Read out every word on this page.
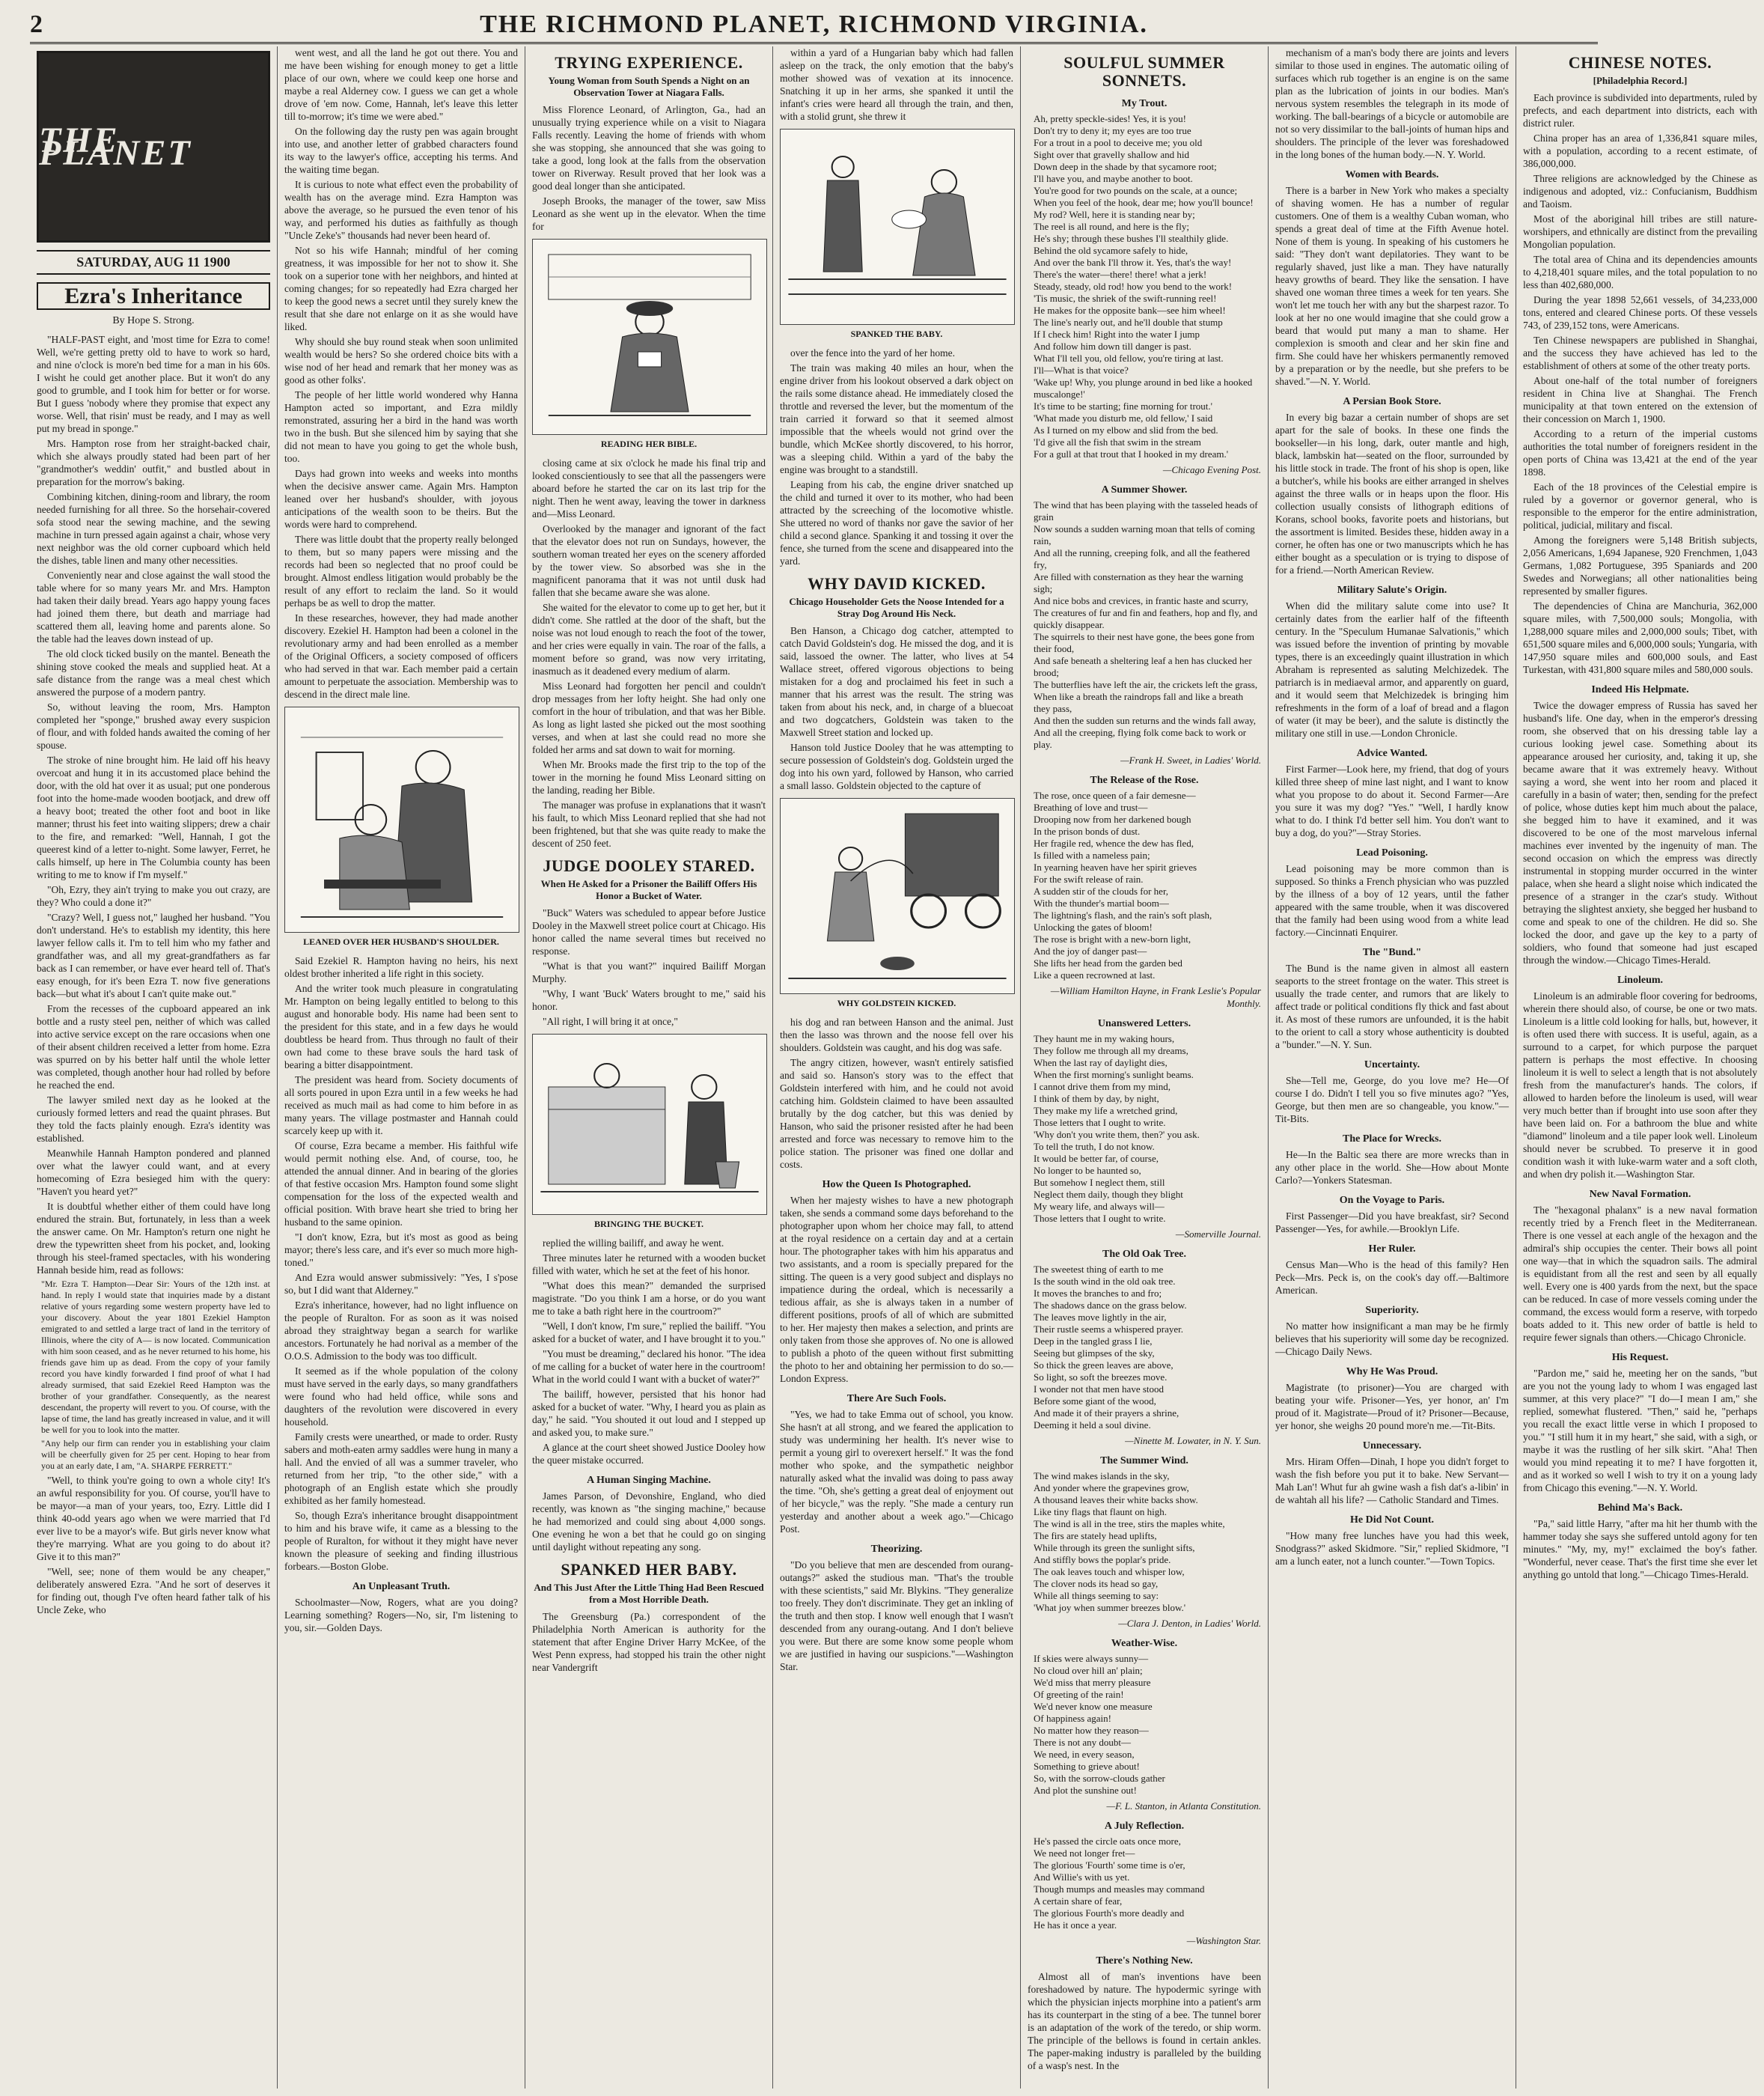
2	THE RICHMOND PLANET, RICHMOND VIRGINIA.
THE PLANET
SATURDAY, AUG 11 1900
Ezra's Inheritance
By Hope S. Strong.

"HALF-PAST eight, and 'most time for Ezra to come! Well, we're getting pretty old to have to work so hard, and nine o'clock is more'n bed time for a man in his 60s. I wisht he could get another place. But it won't do any good to grumble, and I took him for better or for worse. But I guess 'nobody where they promise that expect any worse. Well, that risin' must be ready, and I may as well put my bread in sponge."

Mrs. Hampton rose from her straight-backed chair, which she always proudly stated had been part of her "grandmother's weddin' outfit," and bustled about in preparation for the morrow's baking.

Combining kitchen, dining-room and library, the room needed furnishing for all three. So the horsehair-covered sofa stood near the sewing machine, and the sewing machine in turn pressed again against a chair, whose very next neighbor was the old corner cupboard which held the dishes, table linen and many other necessities.

Conveniently near and close against the wall stood the table where for so many years Mr. and Mrs. Hampton had taken their daily bread. Years ago happy young faces had joined them there, but death and marriage had scattered them all, leaving home and parents alone. So the table had the leaves down instead of up.

The old clock ticked busily on the mantel. Beneath the shining stove cooked the meals and supplied heat. At a safe distance from the range was a meal chest which answered the purpose of a modern pantry.

So, without leaving the room, Mrs. Hampton completed her "sponge," brushed away every suspicion of flour, and with folded hands awaited the coming of her spouse.

The stroke of nine brought him. He laid off his heavy overcoat and hung it in its accustomed place behind the door, with the old hat over it as usual; put one ponderous foot into the home-made wooden bootjack, and drew off a heavy boot; treated the other foot and boot in like manner; thrust his feet into waiting slippers; drew a chair to the fire, and remarked: "Well, Hannah, I got the queerest kind of a letter to-night. Some lawyer, Ferret, he calls himself, up here in The Columbia county has been writing to me to know if I'm myself."

"Oh, Ezry, they ain't trying to make you out crazy, are they? Who could a done it?"

"Crazy? Well, I guess not," laughed her husband. "You don't understand. He's to establish my identity, this here lawyer fellow calls it. I'm to tell him who my father and grandfather was, and all my great-grandfathers as far back as I can remember, or have ever heard tell of. That's easy enough, for it's been Ezra T. now five generations back—but what it's about I can't quite make out."

From the recesses of the cupboard appeared an ink bottle and a rusty steel pen, neither of which was called into active service except on the rare occasions when one of their absent children received a letter from home. Ezra was spurred on by his better half until the whole letter was completed, though another hour had rolled by before he reached the end.

The lawyer smiled next day as he looked at the curiously formed letters and read the quaint phrases. But they told the facts plainly enough. Ezra's identity was established.

Meanwhile Hannah Hampton pondered and planned over what the lawyer could want, and at every homecoming of Ezra besieged him with the query: "Haven't you heard yet?"

It is doubtful whether either of them could have long endured the strain. But, fortunately, in less than a week the answer came. On Mr. Hampton's return one night he drew the typewritten sheet from his pocket, and, looking through his steel-framed spectacles, with his wondering Hannah beside him, read as follows:

"Mr. Ezra T. Hampton—Dear Sir: Yours of the 12th inst. at hand. In reply I would state that inquiries made by a distant relative of yours regarding some western property have led to your discovery. About the year 1801 Ezekiel Hampton emigrated to and settled a large tract of land in the territory of Illinois, where the city of A— is now located. Communication with him soon ceased, and as he never returned to his home, his friends gave him up as dead. From the copy of your family record you have kindly forwarded I find proof of what I had already surmised, that said Ezekiel Reed Hampton was the brother of your grandfather. Consequently, as the nearest descendant, the property will revert to you. Of course, with the lapse of time, the land has greatly increased in value, and it will be well for you to look into the matter.

"Any help our firm can render you in establishing your claim will be cheerfully given for 25 per cent. Hoping to hear from you at an early date, I am, "A. SHARPE FERRETT."

"Well, to think you're going to own a whole city! It's an awful responsibility for you. Of course, you'll have to be mayor—a man of your years, too, Ezry. Little did I think 40-odd years ago when we were married that I'd ever live to be a mayor's wife. But girls never know what they're marrying. What are you going to do about it? Give it to this man?"

"Well, see; none of them would be any cheaper," deliberately answered Ezra. "And he sort of deserves it for finding out, though I've often heard father talk of his Uncle Zeke, who

went west, and all the land he got out there. You and me have been wishing for enough money to get a little place of our own, where we could keep one horse and maybe a real Alderney cow. I guess we can get a whole drove of 'em now. Come, Hannah, let's leave this letter till to-morrow; it's time we were abed."

On the following day the rusty pen was again brought into use, and another letter of grabbed characters found its way to the lawyer's office, accepting his terms. And the waiting time began.

It is curious to note what effect even the probability of wealth has on the average mind. Ezra Hampton was above the average, so he pursued the even tenor of his way, and performed his duties as faithfully as though "Uncle Zeke's" thousands had never been heard of.

Not so his wife Hannah; mindful of her coming greatness, it was impossible for her not to show it. She took on a superior tone with her neighbors, and hinted at coming changes; for so repeatedly had Ezra charged her to keep the good news a secret until they surely knew the result that she dare not enlarge on it as she would have liked.

Why should she buy round steak when soon unlimited wealth would be hers? So she ordered choice bits with a wise nod of her head and remark that her money was as good as other folks'.

The people of her little world wondered why Hanna Hampton acted so important, and Ezra mildly remonstrated, assuring her a bird in the hand was worth two in the bush. But she silenced him by saying that she did not mean to have you going to get the whole bush, too.

Days had grown into weeks and weeks into months when the decisive answer came. Again Mrs. Hampton leaned over her husband's shoulder, with joyous anticipations of the wealth soon to be theirs. But the words were hard to comprehend.

There was little doubt that the property really belonged to them, but so many papers were missing and the records had been so neglected that no proof could be brought. Almost endless litigation would probably be the result of any effort to reclaim the land. So it would perhaps be as well to drop the matter.

In these researches, however, they had made another discovery. Ezekiel H. Hampton had been a colonel in the revolutionary army and had been enrolled as a member of the Original Officers, a society composed of officers who had served in that war. Each member paid a certain amount to perpetuate the association. Membership was to descend in the direct male line.

LEANED OVER HER HUSBAND'S SHOULDER.

Said Ezekiel R. Hampton having no heirs, his next oldest brother inherited a life right in this society.

And the writer took much pleasure in congratulating Mr. Hampton on being legally entitled to belong to this august and honorable body. His name had been sent to the president for this state, and in a few days he would doubtless be heard from. Thus through no fault of their own had come to these brave souls the hard task of bearing a bitter disappointment.

The president was heard from. Society documents of all sorts poured in upon Ezra until in a few weeks he had received as much mail as had come to him before in as many years. The village postmaster and Hannah could scarcely keep up with it.

Of course, Ezra became a member. His faithful wife would permit nothing else. And, of course, too, he attended the annual dinner. And in bearing of the glories of that festive occasion Mrs. Hampton found some slight compensation for the loss of the expected wealth and official position. With brave heart she tried to bring her husband to the same opinion.

"I don't know, Ezra, but it's most as good as being mayor; there's less care, and it's ever so much more high-toned."

And Ezra would answer submissively: "Yes, I s'pose so, but I did want that Alderney."

Ezra's inheritance, however, had no light influence on the people of Ruralton. For as soon as it was noised abroad they straightway began a search for warlike ancestors. Fortunately he had norival as a member of the O.O.S. Admission to the body was too difficult.

It seemed as if the whole population of the colony must have served in the early days, so many grandfathers were found who had held office, while sons and daughters of the revolution were discovered in every household.

Family crests were unearthed, or made to order. Rusty sabers and moth-eaten army saddles were hung in many a hall. And the envied of all was a summer traveler, who returned from her trip, "to the other side," with a photograph of an English estate which she proudly exhibited as her family homestead.

So, though Ezra's inheritance brought disappointment to him and his brave wife, it came as a blessing to the people of Ruralton, for without it they might have never known the pleasure of seeking and finding illustrious forbears.—Boston Globe.

An Unpleasant Truth.

Schoolmaster—Now, Rogers, what are you doing? Learning something? Rogers—No, sir, I'm listening to you, sir.—Golden Days.

TRYING EXPERIENCE.
Young Woman from South Spends a Night on an Observation Tower at Niagara Falls.

Miss Florence Leonard, of Arlington, Ga., had an unusually trying experience while on a visit to Niagara Falls recently. Leaving the home of friends with whom she was stopping, she announced that she was going to take a good, long look at the falls from the observation tower on Riverway. Result proved that her look was a good deal longer than she anticipated.

Joseph Brooks, the manager of the tower, saw Miss Leonard as she went up in the elevator. When the time for

READING HER BIBLE.

closing came at six o'clock he made his final trip and looked conscientiously to see that all the passengers were aboard before he started the car on its last trip for the night. Then he went away, leaving the tower in darkness and—Miss Leonard.

Overlooked by the manager and ignorant of the fact that the elevator does not run on Sundays, however, the southern woman treated her eyes on the scenery afforded by the tower view. So absorbed was she in the magnificent panorama that it was not until dusk had fallen that she became aware she was alone.

She waited for the elevator to come up to get her, but it didn't come. She rattled at the door of the shaft, but the noise was not loud enough to reach the foot of the tower, and her cries were equally in vain. The roar of the falls, a moment before so grand, was now very irritating, inasmuch as it deadened every medium of alarm.

Miss Leonard had forgotten her pencil and couldn't drop messages from her lofty height. She had only one comfort in the hour of tribulation, and that was her Bible. As long as light lasted she picked out the most soothing verses, and when at last she could read no more she folded her arms and sat down to wait for morning.

When Mr. Brooks made the first trip to the top of the tower in the morning he found Miss Leonard sitting on the landing, reading her Bible.

The manager was profuse in explanations that it wasn't his fault, to which Miss Leonard replied that she had not been frightened, but that she was quite ready to make the descent of 250 feet.

JUDGE DOOLEY STARED.
When He Asked for a Prisoner the Bailiff Offers His Honor a Bucket of Water.

"Buck" Waters was scheduled to appear before Justice Dooley in the Maxwell street police court at Chicago. His honor called the name several times but received no response.

"What is that you want?" inquired Bailiff Morgan Murphy.

"Why, I want 'Buck' Waters brought to me," said his honor.

"All right, I will bring it at once,"

BRINGING THE BUCKET.

replied the willing bailiff, and away he went.

Three minutes later he returned with a wooden bucket filled with water, which he set at the feet of his honor.

"What does this mean?" demanded the surprised magistrate. "Do you think I am a horse, or do you want me to take a bath right here in the courtroom?"

"Well, I don't know, I'm sure," replied the bailiff. "You asked for a bucket of water, and I have brought it to you."

"You must be dreaming," declared his honor. "The idea of me calling for a bucket of water here in the courtroom! What in the world could I want with a bucket of water?"

The bailiff, however, persisted that his honor had asked for a bucket of water. "Why, I heard you as plain as day," he said. "You shouted it out loud and I stepped up and asked you, to make sure."

A glance at the court sheet showed Justice Dooley how the queer mistake occurred.

A Human Singing Machine.

James Parson, of Devonshire, England, who died recently, was known as "the singing machine," because he had memorized and could sing about 4,000 songs. One evening he won a bet that he could go on singing until daylight without repeating any song.

SPANKED HER BABY.
And This Just After the Little Thing Had Been Rescued from a Most Horrible Death.

The Greensburg (Pa.) correspondent of the Philadelphia North American is authority for the statement that after Engine Driver Harry McKee, of the West Penn express, had stopped his train the other night near Vandergrift

within a yard of a Hungarian baby which had fallen asleep on the track, the only emotion that the baby's mother showed was of vexation at its innocence. Snatching it up in her arms, she spanked it until the infant's cries were heard all through the train, and then, with a stolid grunt, she threw it

SPANKED THE BABY.

over the fence into the yard of her home.

The train was making 40 miles an hour, when the engine driver from his lookout observed a dark object on the rails some distance ahead. He immediately closed the throttle and reversed the lever, but the momentum of the train carried it forward so that it seemed almost impossible that the wheels would not grind over the bundle, which McKee shortly discovered, to his horror, was a sleeping child. Within a yard of the baby the engine was brought to a standstill.

Leaping from his cab, the engine driver snatched up the child and turned it over to its mother, who had been attracted by the screeching of the locomotive whistle. She uttered no word of thanks nor gave the savior of her child a second glance. Spanking it and tossing it over the fence, she turned from the scene and disappeared into the yard.

WHY DAVID KICKED.
Chicago Householder Gets the Noose Intended for a Stray Dog Around His Neck.

Ben Hanson, a Chicago dog catcher, attempted to catch David Goldstein's dog. He missed the dog, and it is said, lassoed the owner. The latter, who lives at 54 Wallace street, offered vigorous objections to being mistaken for a dog and proclaimed his feet in such a manner that his arrest was the result. The string was taken from about his neck, and, in charge of a bluecoat and two dogcatchers, Goldstein was taken to the Maxwell Street station and locked up.

Hanson told Justice Dooley that he was attempting to secure possession of Goldstein's dog. Goldstein urged the dog into his own yard, followed by Hanson, who carried a small lasso. Goldstein objected to the capture of

WHY GOLDSTEIN KICKED.

his dog and ran between Hanson and the animal. Just then the lasso was thrown and the noose fell over his shoulders. Goldstein was caught, and his dog was safe.

The angry citizen, however, wasn't entirely satisfied and said so. Hanson's story was to the effect that Goldstein interfered with him, and he could not avoid catching him. Goldstein claimed to have been assaulted brutally by the dog catcher, but this was denied by Hanson, who said the prisoner resisted after he had been arrested and force was necessary to remove him to the police station. The prisoner was fined one dollar and costs.

How the Queen Is Photographed.

When her majesty wishes to have a new photograph taken, she sends a command some days beforehand to the photographer upon whom her choice may fall, to attend at the royal residence on a certain day and at a certain hour. The photographer takes with him his apparatus and two assistants, and a room is specially prepared for the sitting. The queen is a very good subject and displays no impatience during the ordeal, which is necessarily a tedious affair, as she is always taken in a number of different positions, proofs of all of which are submitted to her. Her majesty then makes a selection, and prints are only taken from those she approves of. No one is allowed to publish a photo of the queen without first submitting the photo to her and obtaining her permission to do so.—London Express.

There Are Such Fools.

"Yes, we had to take Emma out of school, you know. She hasn't at all strong, and we feared the application to study was undermining her health. It's never wise to permit a young girl to overexert herself." It was the fond mother who spoke, and the sympathetic neighbor naturally asked what the invalid was doing to pass away the time. "Oh, she's getting a great deal of enjoyment out of her bicycle," was the reply. "She made a century run yesterday and another about a week ago."—Chicago Post.

Theorizing.

"Do you believe that men are descended from ourang-outangs?" asked the studious man. "That's the trouble with these scientists," said Mr. Blykins. "They generalize too freely. They don't discriminate. They get an inkling of the truth and then stop. I know well enough that I wasn't descended from any ourang-outang. And I don't believe you were. But there are some know some people whom we are justified in having our suspicions."—Washington Star.

SOULFUL SUMMER SONNETS.
My Trout.
Ah, pretty speckle-sides! Yes, it is you!
Don't try to deny it; my eyes are too true
For a trout in a pool to deceive me; you old
Sight over that gravelly shallow and hid
Down deep in the shade by that sycamore root;
I'll have you, and maybe another to boot.
You're good for two pounds on the scale, at a ounce;
When you feel of the hook, dear me; how you'll bounce!
My rod? Well, here it is standing near by;
The reel is all round, and here is the fly;
He's shy; through these bushes I'll stealthily glide.
Behind the old sycamore safely to hide,
And over the bank I'll throw it. Yes, that's the way!
There's the water—there! there! what a jerk!
Steady, steady, old rod! how you bend to the work!
'Tis music, the shriek of the swift-running reel!
He makes for the opposite bank—see him wheel!
The line's nearly out, and he'll double that stump
If I check him! Right into the water I jump
And follow him down till danger is past.
What I'll tell you, old fellow, you're tiring at last.
I'll—What is that voice?
'Wake up! Why, you plunge around in bed like a hooked muscalonge!'
It's time to be starting; fine morning for trout.'
'What made you disturb me, old fellow,' I said
As I turned on my elbow and slid from the bed.
'I'd give all the fish that swim in the stream
For a gull at that trout that I hooked in my dream.'
—Chicago Evening Post.
A Summer Shower.
The wind that has been playing with the tasseled heads of grain
Now sounds a sudden warning moan that tells of coming rain,
And all the running, creeping folk, and all the feathered fry,
Are filled with consternation as they hear the warning sigh;
And nice bobs and crevices, in frantic haste and scurry,
The creatures of fur and fin and feathers, hop and fly, and quickly disappear.
The squirrels to their nest have gone, the bees gone from their food,
And safe beneath a sheltering leaf a hen has clucked her brood;
The butterflies have left the air, the crickets left the grass,
When like a breath the raindrops fall and like a breath they pass,
And then the sudden sun returns and the winds fall away,
And all the creeping, flying folk come back to work or play.
—Frank H. Sweet, in Ladies' World.
The Release of the Rose.
The rose, once queen of a fair demesne—
Breathing of love and trust—
Drooping now from her darkened bough
In the prison bonds of dust.
Her fragile red, whence the dew has fled,
Is filled with a nameless pain;
In yearning heaven have her spirit grieves
For the swift release of rain.
A sudden stir of the clouds for her,
With the thunder's martial boom—
The lightning's flash, and the rain's soft plash,
Unlocking the gates of bloom!
The rose is bright with a new-born light,
And the joy of danger past—
She lifts her head from the garden bed
Like a queen recrowned at last.
—William Hamilton Hayne, in Frank Leslie's Popular Monthly.
Unanswered Letters.
They haunt me in my waking hours,
They follow me through all my dreams,
When the last ray of daylight dies,
When the first morning's sunlight beams.
I cannot drive them from my mind,
I think of them by day, by night,
They make my life a wretched grind,
Those letters that I ought to write.
'Why don't you write them, then?' you ask.
To tell the truth, I do not know.
It would be better far, of course,
No longer to be haunted so,
But somehow I neglect them, still
Neglect them daily, though they blight
My weary life, and always will—
Those letters that I ought to write.
—Somerville Journal.
The Old Oak Tree.
The sweetest thing of earth to me
Is the south wind in the old oak tree.
It moves the branches to and fro;
The shadows dance on the grass below.
The leaves move lightly in the air,
Their rustle seems a whispered prayer.
Deep in the tangled grass I lie,
Seeing but glimpses of the sky,
So thick the green leaves are above,
So light, so soft the breezes move.
I wonder not that men have stood
Before some giant of the wood,
And made it of their prayers a shrine,
Deeming it held a soul divine.
—Ninette M. Lowater, in N. Y. Sun.
The Summer Wind.
The wind makes islands in the sky,
And yonder where the grapevines grow,
A thousand leaves their white backs show.
Like tiny flags that flaunt on high.
The wind is all in the tree, stirs the maples white,
The firs are stately head uplifts,
While through its green the sunlight sifts,
And stiffly bows the poplar's pride.
The oak leaves touch and whisper low,
The clover nods its head so gay,
While all things seeming to say:
'What joy when summer breezes blow.'
—Clara J. Denton, in Ladies' World.
Weather-Wise.
If skies were always sunny—
No cloud over hill an' plain;
We'd miss that merry pleasure
Of greeting of the rain!
We'd never know one measure
Of happiness again!
No matter how they reason—
There is not any doubt—
We need, in every season,
Something to grieve about!
So, with the sorrow-clouds gather
And plot the sunshine out!
—F. L. Stanton, in Atlanta Constitution.
A July Reflection.
He's passed the circle oats once more,
We need not longer fret—
The glorious 'Fourth' some time is o'er,
And Willie's with us yet.
Though mumps and measles may command
A certain share of fear,
The glorious Fourth's more deadly and
He has it once a year.
—Washington Star.
There's Nothing New.

Almost all of man's inventions have been foreshadowed by nature. The hypodermic syringe with which the physician injects morphine into a patient's arm has its counterpart in the sting of a bee. The tunnel borer is an adaptation of the work of the teredo, or ship worm. The principle of the bellows is found in certain ankles. The paper-making industry is paralleled by the building of a wasp's nest. In the

mechanism of a man's body there are joints and levers similar to those used in engines. The automatic oiling of surfaces which rub together is an engine is on the same plan as the lubrication of joints in our bodies. Man's nervous system resembles the telegraph in its mode of working. The ball-bearings of a bicycle or automobile are not so very dissimilar to the ball-joints of human hips and shoulders. The principle of the lever was foreshadowed in the long bones of the human body.—N. Y. World.

Women with Beards.

There is a barber in New York who makes a specialty of shaving women. He has a number of regular customers. One of them is a wealthy Cuban woman, who spends a great deal of time at the Fifth Avenue hotel. None of them is young. In speaking of his customers he said: "They don't want depilatories. They want to be regularly shaved, just like a man. They have naturally heavy growths of beard. They like the sensation. I have shaved one woman three times a week for ten years. She won't let me touch her with any but the sharpest razor. To look at her no one would imagine that she could grow a beard that would put many a man to shame. Her complexion is smooth and clear and her skin fine and firm. She could have her whiskers permanently removed by a preparation or by the needle, but she prefers to be shaved."—N. Y. World.

A Persian Book Store.

In every big bazar a certain number of shops are set apart for the sale of books. In these one finds the bookseller—in his long, dark, outer mantle and high, black, lambskin hat—seated on the floor, surrounded by his little stock in trade. The front of his shop is open, like a butcher's, while his books are either arranged in shelves against the three walls or in heaps upon the floor. His collection usually consists of lithograph editions of Korans, school books, favorite poets and historians, but the assortment is limited. Besides these, hidden away in a corner, he often has one or two manuscripts which he has either bought as a speculation or is trying to dispose of for a friend.—North American Review.

Military Salute's Origin.

When did the military salute come into use? It certainly dates from the earlier half of the fifteenth century. In the "Speculum Humanae Salvationis," which was issued before the invention of printing by movable types, there is an exceedingly quaint illustration in which Abraham is represented as saluting Melchizedek. The patriarch is in mediaeval armor, and apparently on guard, and it would seem that Melchizedek is bringing him refreshments in the form of a loaf of bread and a flagon of water (it may be beer), and the salute is distinctly the military one still in use.—London Chronicle.

Advice Wanted.

First Farmer—Look here, my friend, that dog of yours killed three sheep of mine last night, and I want to know what you propose to do about it. Second Farmer—Are you sure it was my dog? "Yes." "Well, I hardly know what to do. I think I'd better sell him. You don't want to buy a dog, do you?"—Stray Stories.

Lead Poisoning.

Lead poisoning may be more common than is supposed. So thinks a French physician who was puzzled by the illness of a boy of 12 years, until the father appeared with the same trouble, when it was discovered that the family had been using wood from a white lead factory.—Cincinnati Enquirer.

The "Bund."

The Bund is the name given in almost all eastern seaports to the street frontage on the water. This street is usually the trade center, and rumors that are likely to affect trade or political conditions fly thick and fast about it. As most of these rumors are unfounded, it is the habit to the orient to call a story whose authenticity is doubted a "bunder."—N. Y. Sun.

Uncertainty.

She—Tell me, George, do you love me? He—Of course I do. Didn't I tell you so five minutes ago? "Yes, George, but then men are so changeable, you know."—Tit-Bits.

The Place for Wrecks.

He—In the Baltic sea there are more wrecks than in any other place in the world. She—How about Monte Carlo?—Yonkers Statesman.

On the Voyage to Paris.

First Passenger—Did you have breakfast, sir? Second Passenger—Yes, for awhile.—Brooklyn Life.

Her Ruler.

Census Man—Who is the head of this family? Hen Peck—Mrs. Peck is, on the cook's day off.—Baltimore American.

Superiority.

No matter how insignificant a man may be he firmly believes that his superiority will some day be recognized.—Chicago Daily News.

Why He Was Proud.

Magistrate (to prisoner)—You are charged with beating your wife. Prisoner—Yes, yer honor, an' I'm proud of it. Magistrate—Proud of it? Prisoner—Because, yer honor, she weighs 20 pound more'n me.—Tit-Bits.

Unnecessary.

Mrs. Hiram Offen—Dinah, I hope you didn't forget to wash the fish before you put it to bake. New Servant—Mah Lan'! Whut fur ah gwine wash a fish dat's a-libin' in de wahtah all his life? — Catholic Standard and Times.

He Did Not Count.

"How many free lunches have you had this week, Snodgrass?" asked Skidmore. "Sir," replied Skidmore, "I am a lunch eater, not a lunch counter."—Town Topics.

CHINESE NOTES.
[Philadelphia Record.]

Each province is subdivided into departments, ruled by prefects, and each department into districts, each with district ruler.

China proper has an area of 1,336,841 square miles, with a population, according to a recent estimate, of 386,000,000.

Three religions are acknowledged by the Chinese as indigenous and adopted, viz.: Confucianism, Buddhism and Taoism.

Most of the aboriginal hill tribes are still nature-worshipers, and ethnically are distinct from the prevailing Mongolian population.

The total area of China and its dependencies amounts to 4,218,401 square miles, and the total population to no less than 402,680,000.

During the year 1898 52,661 vessels, of 34,233,000 tons, entered and cleared Chinese ports. Of these vessels 743, of 239,152 tons, were Americans.

Ten Chinese newspapers are published in Shanghai, and the success they have achieved has led to the establishment of others at some of the other treaty ports.

About one-half of the total number of foreigners resident in China live at Shanghai. The French municipality at that town entered on the extension of their concession on March 1, 1900.

According to a return of the imperial customs authorities the total number of foreigners resident in the open ports of China was 13,421 at the end of the year 1898.

Each of the 18 provinces of the Celestial empire is ruled by a governor or governor general, who is responsible to the emperor for the entire administration, political, judicial, military and fiscal.

Among the foreigners were 5,148 British subjects, 2,056 Americans, 1,694 Japanese, 920 Frenchmen, 1,043 Germans, 1,082 Portuguese, 395 Spaniards and 200 Swedes and Norwegians; all other nationalities being represented by smaller figures.

The dependencies of China are Manchuria, 362,000 square miles, with 7,500,000 souls; Mongolia, with 1,288,000 square miles and 2,000,000 souls; Tibet, with 651,500 square miles and 6,000,000 souls; Yungaria, with 147,950 square miles and 600,000 souls, and East Turkestan, with 431,800 square miles and 580,000 souls.

Indeed His Helpmate.

Twice the dowager empress of Russia has saved her husband's life. One day, when in the emperor's dressing room, she observed that on his dressing table lay a curious looking jewel case. Something about its appearance aroused her curiosity, and, taking it up, she became aware that it was extremely heavy. Without saying a word, she went into her room and placed it carefully in a basin of water; then, sending for the prefect of police, whose duties kept him much about the palace, she begged him to have it examined, and it was discovered to be one of the most marvelous infernal machines ever invented by the ingenuity of man. The second occasion on which the empress was directly instrumental in stopping murder occurred in the winter palace, when she heard a slight noise which indicated the presence of a stranger in the czar's study. Without betraying the slightest anxiety, she begged her husband to come and speak to one of the children. He did so. She locked the door, and gave up the key to a party of soldiers, who found that someone had just escaped through the window.—Chicago Times-Herald.

Linoleum.

Linoleum is an admirable floor covering for bedrooms, wherein there should also, of course, be one or two mats. Linoleum is a little cold looking for halls, but, however, it is often used there with success. It is useful, again, as a surround to a carpet, for which purpose the parquet pattern is perhaps the most effective. In choosing linoleum it is well to select a length that is not absolutely fresh from the manufacturer's hands. The colors, if allowed to harden before the linoleum is used, will wear very much better than if brought into use soon after they have been laid on. For a bathroom the blue and white "diamond" linoleum and a tile paper look well. Linoleum should never be scrubbed. To preserve it in good condition wash it with luke-warm water and a soft cloth, and when dry polish it.—Washington Star.

New Naval Formation.

The "hexagonal phalanx" is a new naval formation recently tried by a French fleet in the Mediterranean. There is one vessel at each angle of the hexagon and the admiral's ship occupies the center. Their bows all point one way—that in which the squadron sails. The admiral is equidistant from all the rest and seen by all equally well. Every one is 400 yards from the next, but the space can be reduced. In case of more vessels coming under the command, the excess would form a reserve, with torpedo boats added to it. This new order of battle is held to require fewer signals than others.—Chicago Chronicle.

His Request.

"Pardon me," said he, meeting her on the sands, "but are you not the young lady to whom I was engaged last summer, at this very place?" "I do—I mean I am," she replied, somewhat flustered. "Then," said he, "perhaps you recall the exact little verse in which I proposed to you." "I still hum it in my heart," she said, with a sigh, or maybe it was the rustling of her silk skirt. "Aha! Then would you mind repeating it to me? I have forgotten it, and as it worked so well I wish to try it on a young lady from Chicago this evening."—N. Y. World.

Behind Ma's Back.

"Pa," said little Harry, "after ma hit her thumb with the hammer today she says she suffered untold agony for ten minutes." "My, my, my!" exclaimed the boy's father. "Wonderful, never cease. That's the first time she ever let anything go untold that long."—Chicago Times-Herald.
